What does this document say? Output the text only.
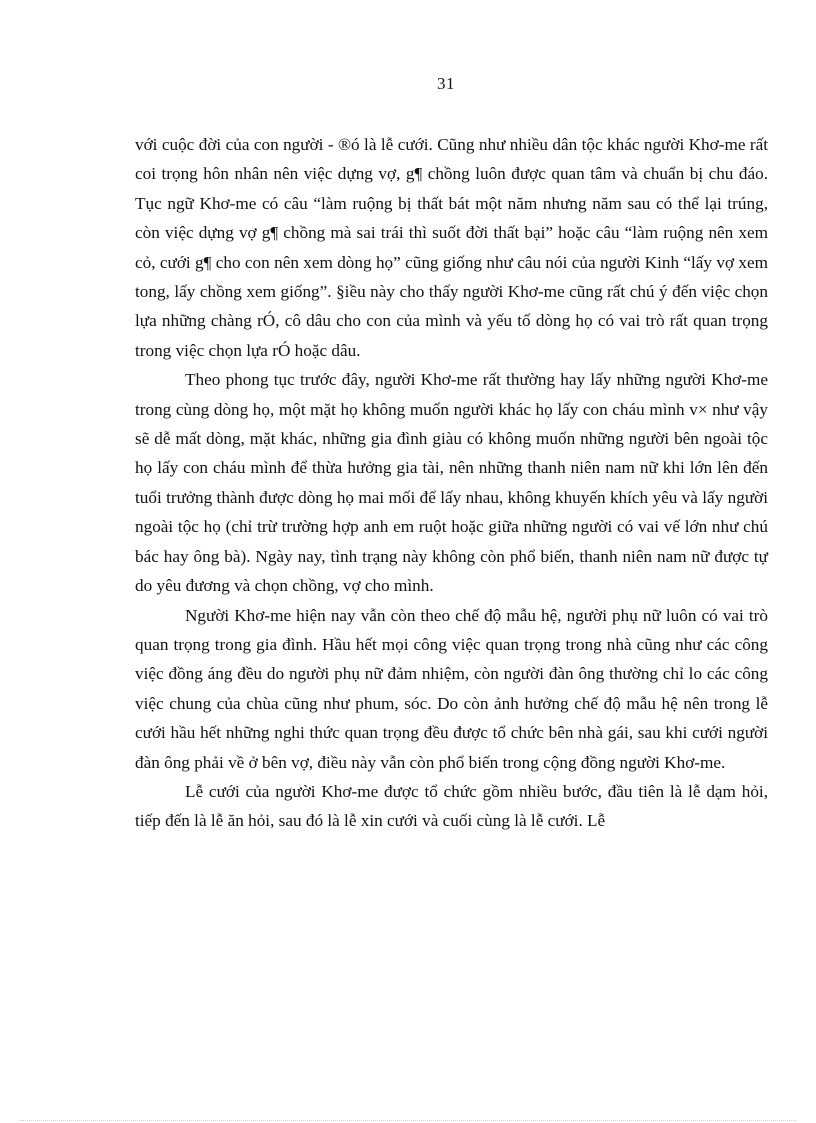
31

với cuộc đời của con người - ®ó là lễ cưới. Cũng như nhiều dân tộc khác người Khơ-me rất coi trọng hôn nhân nên việc dựng vợ, g¶ chồng luôn được quan tâm và chuẩn bị chu đáo. Tục ngữ Khơ-me có câu “làm ruộng bị thất bát một năm nhưng năm sau có thể lại trúng, còn việc dựng vợ g¶ chồng mà sai trái thì suốt đời thất bại” hoặc câu “làm ruộng nên xem cỏ, cưới g¶ cho con nên xem dòng họ” cũng giống như câu nói của người Kinh “lấy vợ xem tong, lấy chồng xem giống”. §iều này cho thấy người Khơ-me cũng rất chú ý đến việc chọn lựa những chàng rÓ, cô dâu cho con của mình và yếu tố dòng họ có vai trò rất quan trọng trong việc chọn lựa rÓ hoặc dâu.

Theo phong tục trước đây, người Khơ-me rất thường hay lấy những người Khơ-me trong cùng dòng họ, một mặt họ không muốn người khác họ lấy con cháu mình v× như vậy sẽ dễ mất dòng, mặt khác, những gia đình giàu có không muốn những người bên ngoài tộc họ lấy con cháu mình để thừa hưởng gia tài, nên những thanh niên nam nữ khi lớn lên đến tuổi trưởng thành được dòng họ mai mối để lấy nhau, không khuyến khích yêu và lấy người ngoài tộc họ (chỉ trừ trường hợp anh em ruột hoặc giữa những người có vai vế lớn như chú bác hay ông bà). Ngày nay, tình trạng này không còn phổ biến, thanh niên nam nữ được tự do yêu đương và chọn chồng, vợ cho mình.

Người Khơ-me hiện nay vẫn còn theo chế độ mẫu hệ, người phụ nữ luôn có vai trò quan trọng trong gia đình. Hầu hết mọi công việc quan trọng trong nhà cũng như các công việc đồng áng đều do người phụ nữ đảm nhiệm, còn người đàn ông thường chỉ lo các công việc chung của chùa cũng như phum, sóc. Do còn ảnh hưởng chế độ mẫu hệ nên trong lễ cưới hầu hết những nghi thức quan trọng đều được tổ chức bên nhà gái, sau khi cưới người đàn ông phải về ở bên vợ, điều này vẫn còn phổ biến trong cộng đồng người Khơ-me.

Lễ cưới của người Khơ-me được tổ chức gồm nhiều bước, đầu tiên là lễ dạm hỏi, tiếp đến là lễ ăn hỏi, sau đó là lễ xin cưới và cuối cùng là lễ cưới. Lễ
